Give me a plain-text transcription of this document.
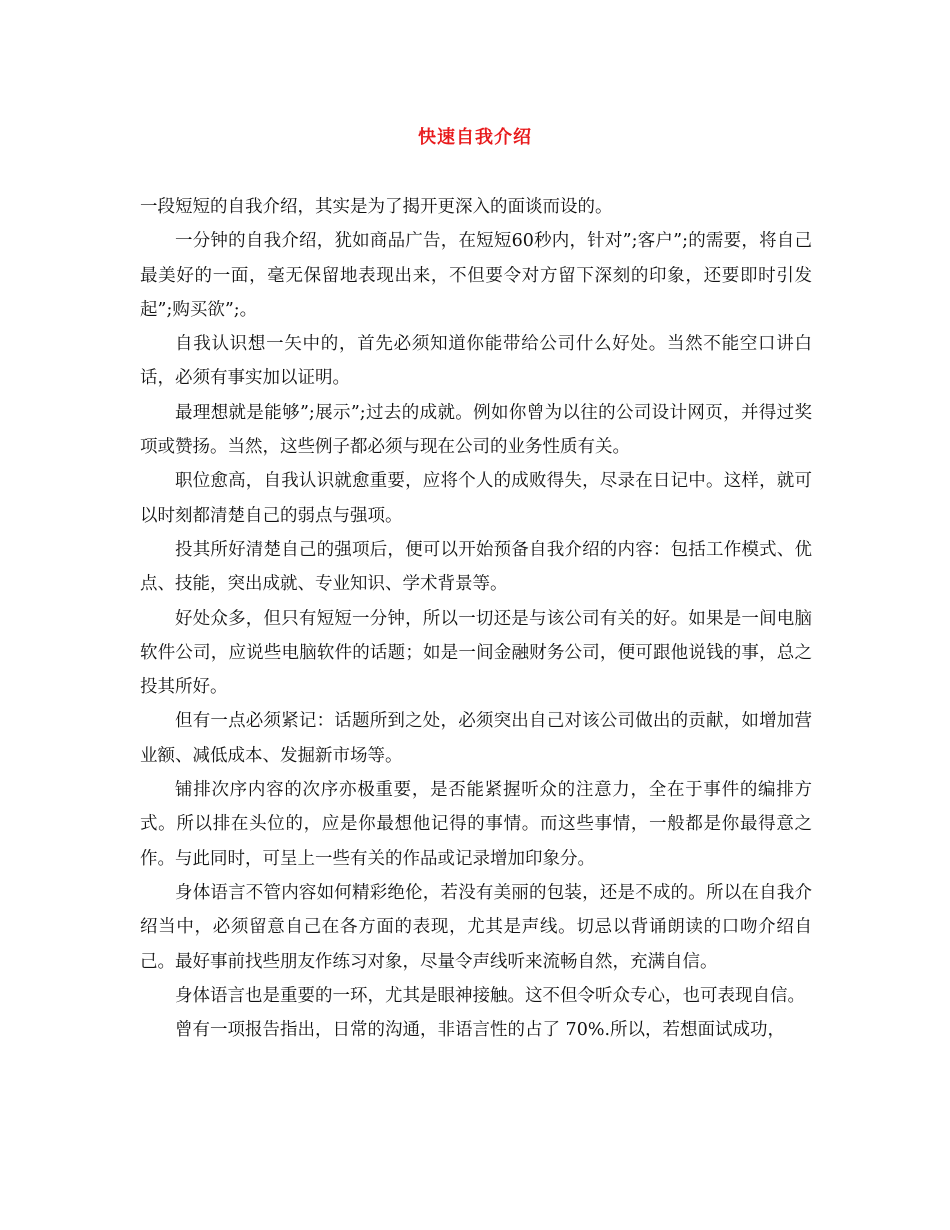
快速自我介绍

一段短短的自我介绍，其实是为了揭开更深入的面谈而设的。

一分钟的自我介绍，犹如商品广告，在短短60秒内，针对”;客户”;的需要，将自己最美好的一面，毫无保留地表现出来，不但要令对方留下深刻的印象，还要即时引发起”;购买欲”;。

自我认识想一矢中的，首先必须知道你能带给公司什么好处。当然不能空口讲白话，必须有事实加以证明。

最理想就是能够”;展示”;过去的成就。例如你曾为以往的公司设计网页，并得过奖项或赞扬。当然，这些例子都必须与现在公司的业务性质有关。

职位愈高，自我认识就愈重要，应将个人的成败得失，尽录在日记中。这样，就可以时刻都清楚自己的弱点与强项。

投其所好清楚自己的强项后，便可以开始预备自我介绍的内容：包括工作模式、优点、技能，突出成就、专业知识、学术背景等。

好处众多，但只有短短一分钟，所以一切还是与该公司有关的好。如果是一间电脑软件公司，应说些电脑软件的话题；如是一间金融财务公司，便可跟他说钱的事，总之投其所好。

但有一点必须紧记：话题所到之处，必须突出自己对该公司做出的贡献，如增加营业额、减低成本、发掘新市场等。

铺排次序内容的次序亦极重要，是否能紧握听众的注意力，全在于事件的编排方式。所以排在头位的，应是你最想他记得的事情。而这些事情，一般都是你最得意之作。与此同时，可呈上一些有关的作品或记录增加印象分。

身体语言不管内容如何精彩绝伦，若没有美丽的包装，还是不成的。所以在自我介绍当中，必须留意自己在各方面的表现，尤其是声线。切忌以背诵朗读的口吻介绍自己。最好事前找些朋友作练习对象，尽量令声线听来流畅自然，充满自信。

身体语言也是重要的一环，尤其是眼神接触。这不但令听众专心，也可表现自信。

曾有一项报告指出，日常的沟通，非语言性的占了 70%.所以，若想面试成功，
